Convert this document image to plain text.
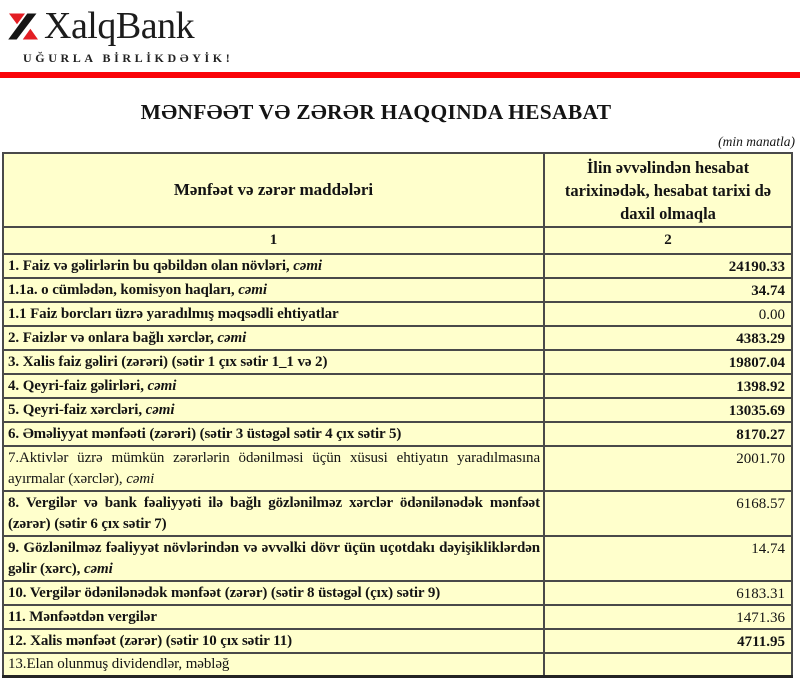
XalqBank
UĞURLA BİRLİKDƏYİK!
MƏNFƏƏT VƏ ZƏRƏR HAQQINDA HESABAT
(min manatla)
Mənfəət və zərər maddələri	İlin əvvəlindən hesabat tarixinədək, hesabat tarixi də daxil olmaqla
1	2
1. Faiz və gəlirlərin bu qəbildən olan növləri, cəmi	24190.33
1.1a. o cümlədən, komisyon haqları, cəmi	34.74
1.1 Faiz borcları üzrə yaradılmış məqsədli ehtiyatlar	0.00
2. Faizlər və onlara bağlı xərclər, cəmi	4383.29
3. Xalis faiz gəliri (zərəri) (sətir 1 çıx sətir 1_1 və 2)	19807.04
4. Qeyri-faiz gəlirləri, cəmi	1398.92
5. Qeyri-faiz xərcləri, cəmi	13035.69
6. Əməliyyat mənfəəti (zərəri) (sətir 3 üstəgəl sətir 4 çıx sətir 5)	8170.27
7.Aktivlər üzrə mümkün zərərlərin ödənilməsi üçün xüsusi ehtiyatın yaradılmasına ayırmalar (xərclər), cəmi	2001.70
8. Vergilər və bank fəaliyyəti ilə bağlı gözlənilməz xərclər ödənilənədək mənfəət (zərər) (sətir 6 çıx sətir 7)	6168.57
9. Gözlənilməz fəaliyyət növlərindən və əvvəlki dövr üçün uçotdakı dəyişikliklərdən gəlir (xərc), cəmi	14.74
10. Vergilər ödənilənədək mənfəət (zərər) (sətir 8 üstəgəl (çıx) sətir 9)	6183.31
11. Mənfəətdən vergilər	1471.36
12. Xalis mənfəət (zərər) (sətir 10 çıx sətir 11)	4711.95
13.Elan olunmuş dividendlər, məbləğ	
